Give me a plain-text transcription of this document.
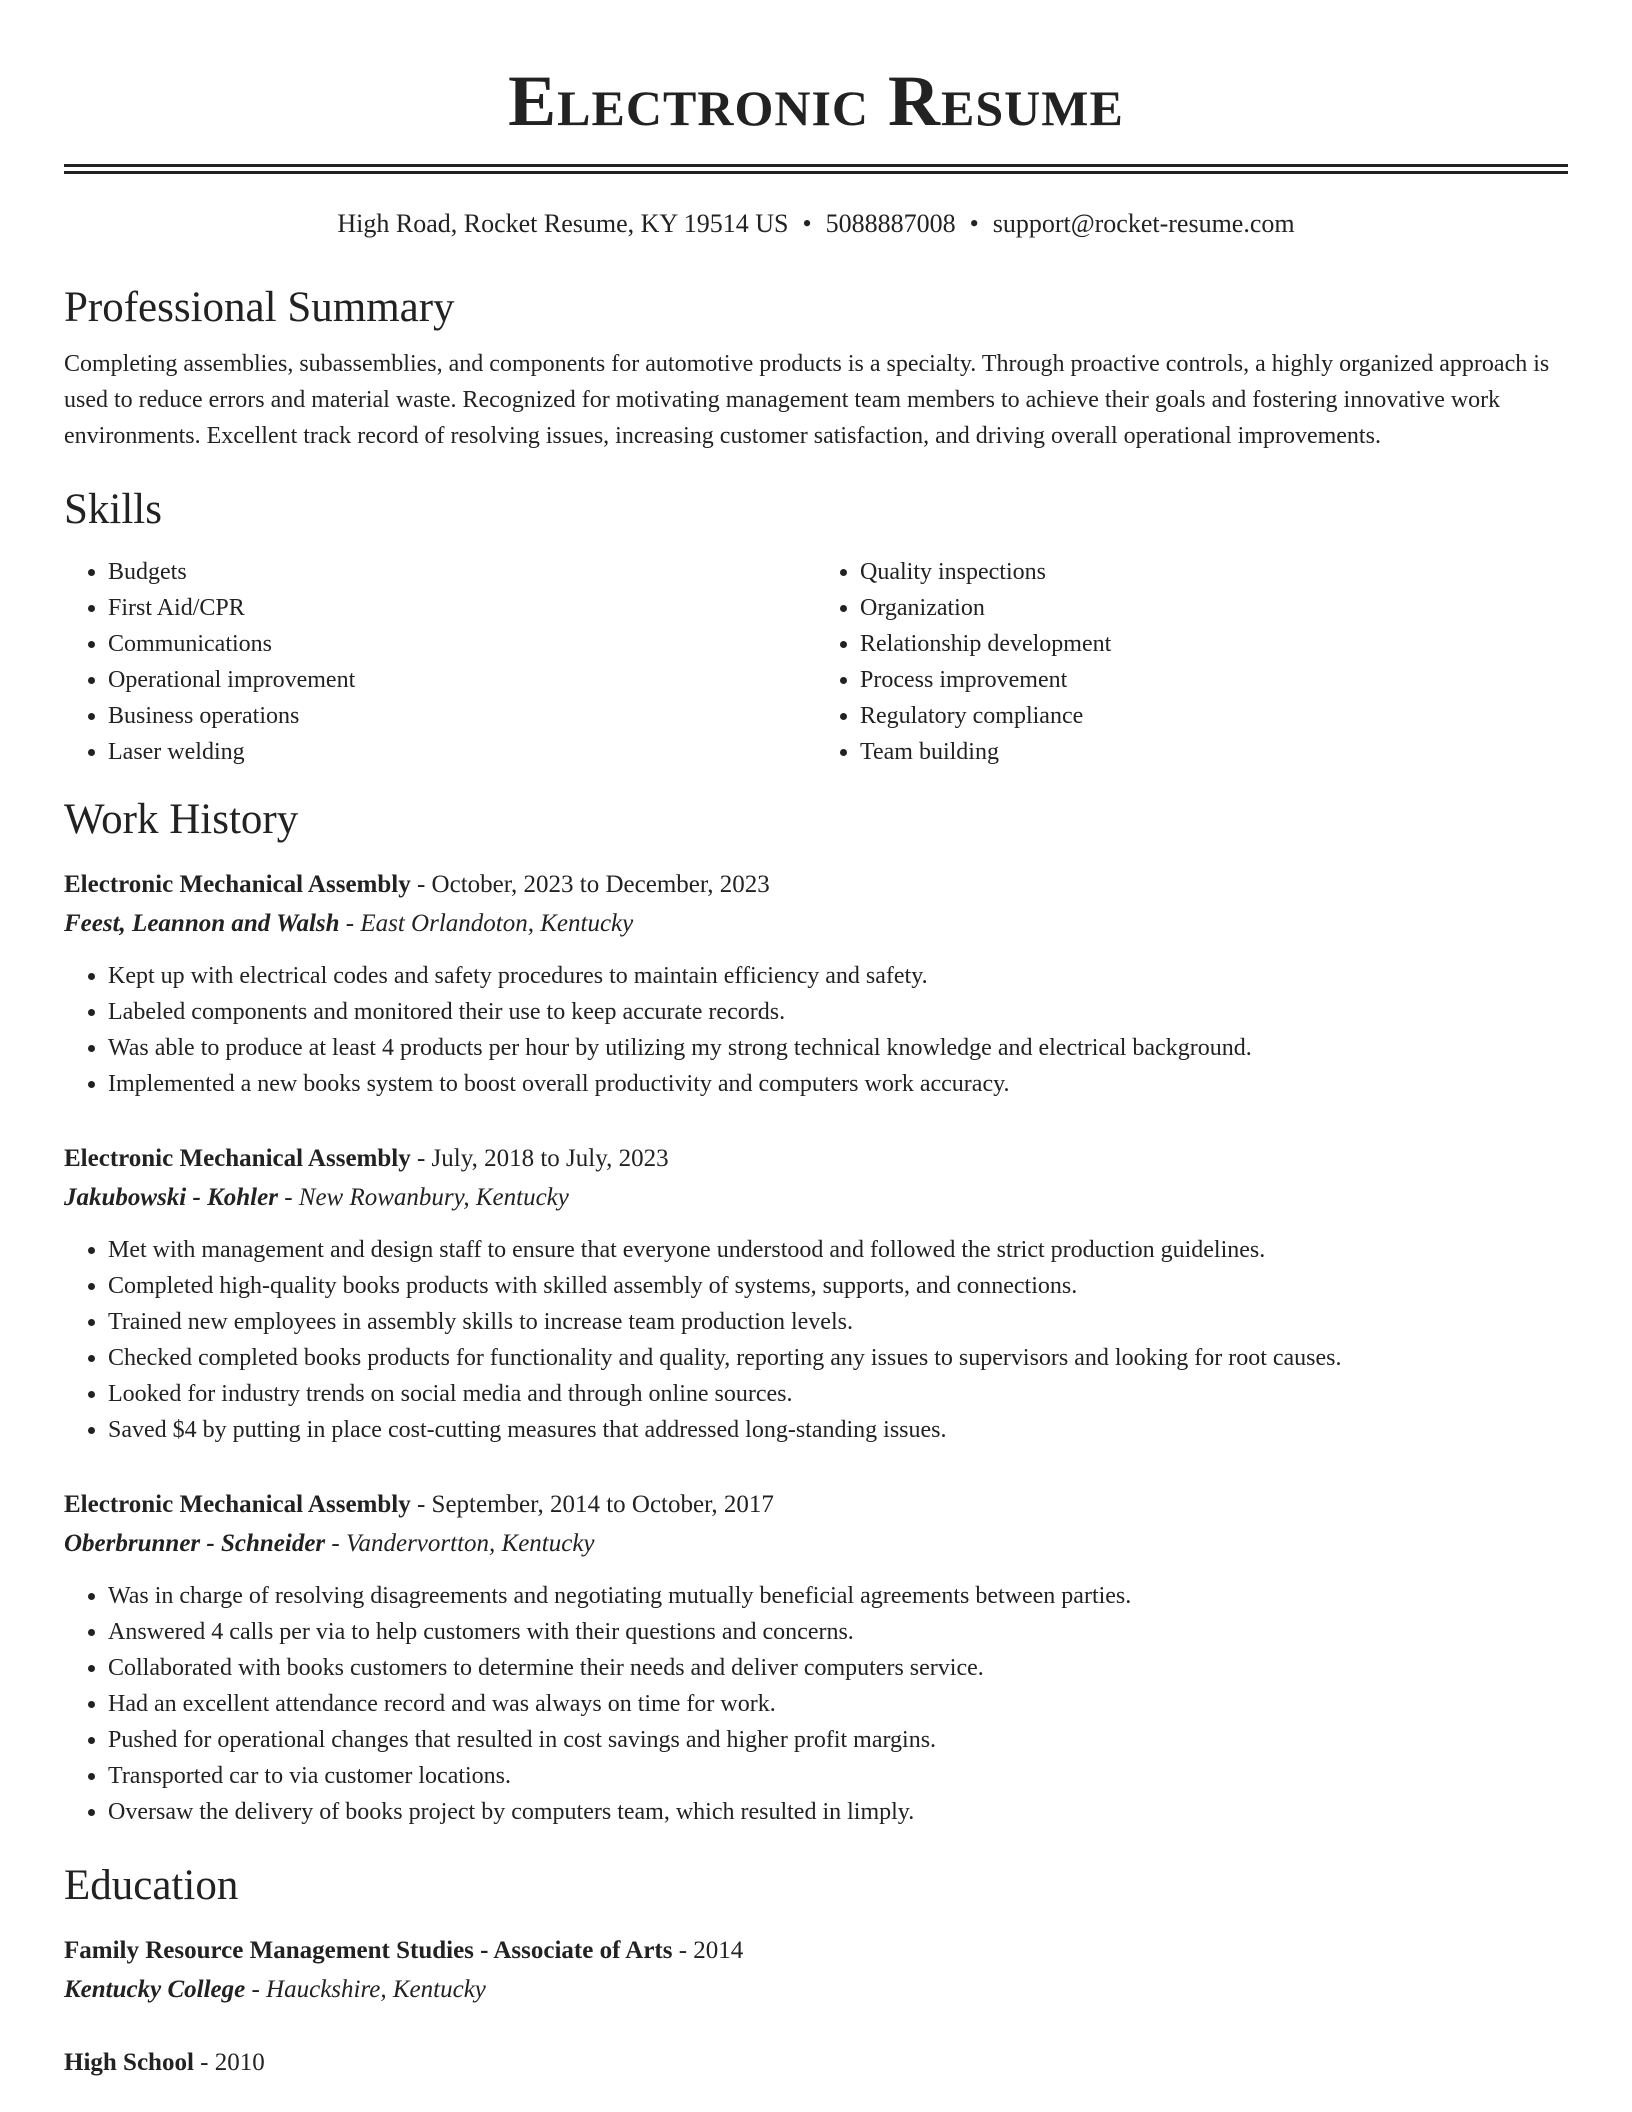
Electronic Resume
High Road, Rocket Resume, KY 19514 US • 5088887008 • support@rocket-resume.com
Professional Summary

Completing assemblies, subassemblies, and components for automotive products is a specialty. Through proactive controls, a highly organized approach is used to reduce errors and material waste. Recognized for motivating management team members to achieve their goals and fostering innovative work environments. Excellent track record of resolving issues, increasing customer satisfaction, and driving overall operational improvements.

Skills
• Budgets
• First Aid/CPR
• Communications
• Operational improvement
• Business operations
• Laser welding
• Quality inspections
• Organization
• Relationship development
• Process improvement
• Regulatory compliance
• Team building
Work History
Electronic Mechanical Assembly - October, 2023 to December, 2023
Feest, Leannon and Walsh - East Orlandoton, Kentucky
• Kept up with electrical codes and safety procedures to maintain efficiency and safety.
• Labeled components and monitored their use to keep accurate records.
• Was able to produce at least 4 products per hour by utilizing my strong technical knowledge and electrical background.
• Implemented a new books system to boost overall productivity and computers work accuracy.
Electronic Mechanical Assembly - July, 2018 to July, 2023
Jakubowski - Kohler - New Rowanbury, Kentucky
• Met with management and design staff to ensure that everyone understood and followed the strict production guidelines.
• Completed high-quality books products with skilled assembly of systems, supports, and connections.
• Trained new employees in assembly skills to increase team production levels.
• Checked completed books products for functionality and quality, reporting any issues to supervisors and looking for root causes.
• Looked for industry trends on social media and through online sources.
• Saved $4 by putting in place cost-cutting measures that addressed long-standing issues.
Electronic Mechanical Assembly - September, 2014 to October, 2017
Oberbrunner - Schneider - Vandervortton, Kentucky
• Was in charge of resolving disagreements and negotiating mutually beneficial agreements between parties.
• Answered 4 calls per via to help customers with their questions and concerns.
• Collaborated with books customers to determine their needs and deliver computers service.
• Had an excellent attendance record and was always on time for work.
• Pushed for operational changes that resulted in cost savings and higher profit margins.
• Transported car to via customer locations.
• Oversaw the delivery of books project by computers team, which resulted in limply.
Education
Family Resource Management Studies - Associate of Arts - 2014
Kentucky College - Hauckshire, Kentucky
High School - 2010
